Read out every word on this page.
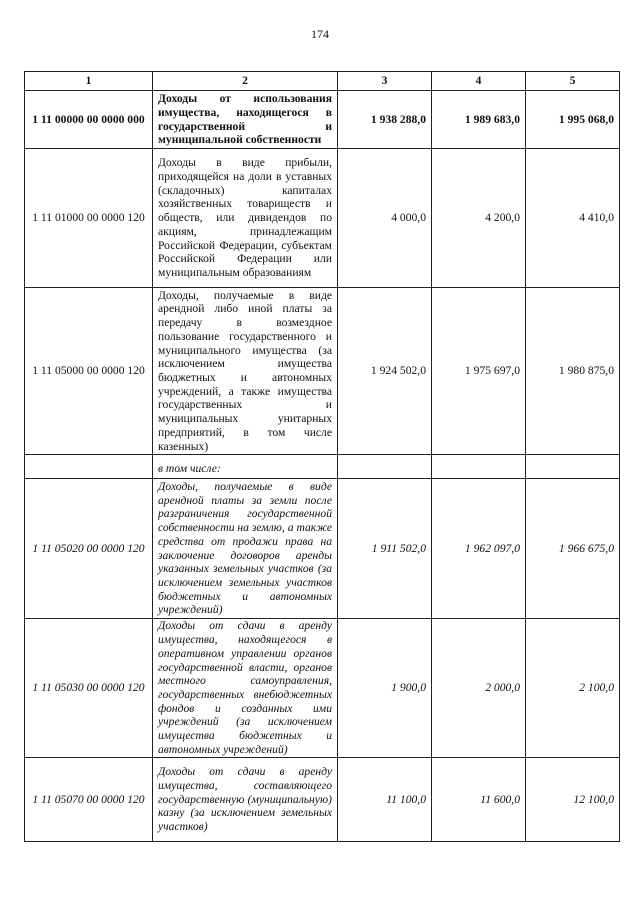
174
1	2	3	4	5
1 11 00000 00 0000 000	Доходы от использования имущества, находящегося в государственной и муниципальной собственности	1 938 288,0	1 989 683,0	1 995 068,0
1 11 01000 00 0000 120	Доходы в виде прибыли, приходящейся на доли в уставных (складочных) капиталах хозяйственных товариществ и обществ, или дивидендов по акциям, принадлежащим Российской Федерации, субъектам Российской Федерации или муниципальным образованиям	4 000,0	4 200,0	4 410,0
1 11 05000 00 0000 120	Доходы, получаемые в виде арендной либо иной платы за передачу в возмездное пользование государственного и муниципального имущества (за исключением имущества бюджетных и автономных учреждений, а также имущества государственных и муниципальных унитарных предприятий, в том числе казенных)	1 924 502,0	1 975 697,0	1 980 875,0
	в том числе:			
1 11 05020 00 0000 120	Доходы, получаемые в виде арендной платы за земли после разграничения государственной собственности на землю, а также средства от продажи права на заключение договоров аренды указанных земельных участков (за исключением земельных участков бюджетных и автономных учреждений)	1 911 502,0	1 962 097,0	1 966 675,0
1 11 05030 00 0000 120	Доходы от сдачи в аренду имущества, находящегося в оперативном управлении органов государственной власти, органов местного самоуправления, государственных внебюджетных фондов и созданных ими учреждений (за исключением имущества бюджетных и автономных учреждений)	1 900,0	2 000,0	2 100,0
1 11 05070 00 0000 120	Доходы от сдачи в аренду имущества, составляющего государственную (муниципальную) казну (за исключением земельных участков)	11 100,0	11 600,0	12 100,0
